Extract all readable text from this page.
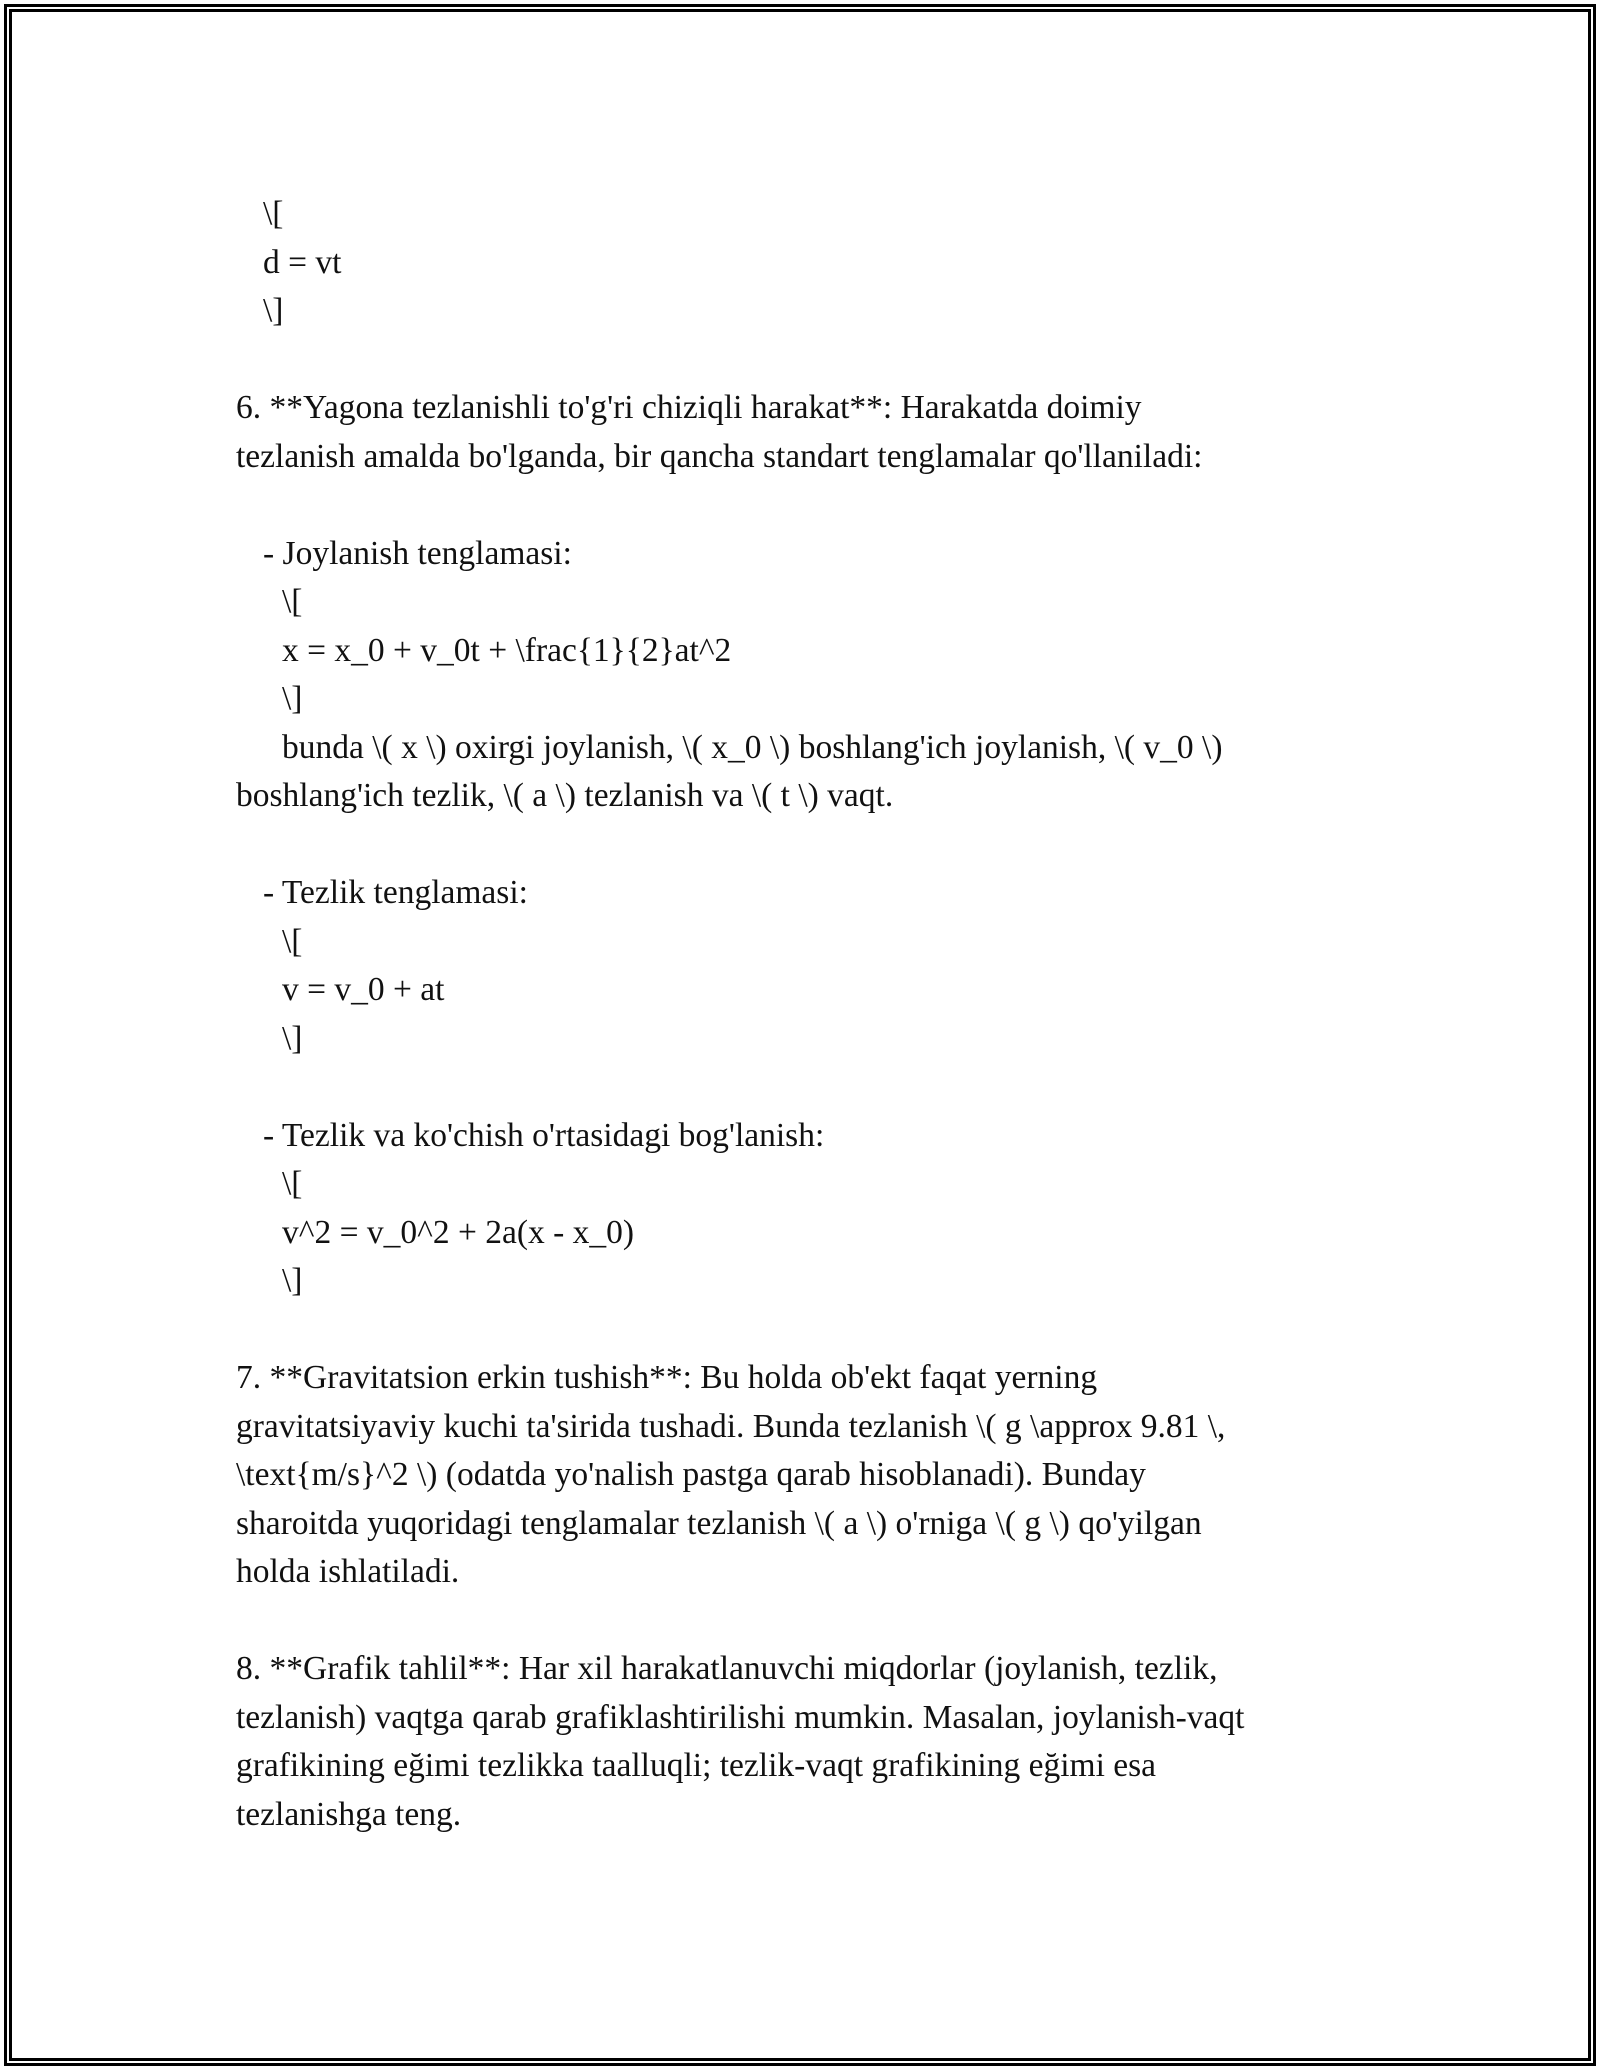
\[
d = vt
\]
6. **Yagona tezlanishli to'g'ri chiziqli harakat**: Harakatda doimiy
tezlanish amalda bo'lganda, bir qancha standart tenglamalar qo'llaniladi:
- Joylanish tenglamasi:
\[
x = x_0 + v_0t + \frac{1}{2}at^2
\]
bunda \( x \) oxirgi joylanish, \( x_0 \) boshlang'ich joylanish, \( v_0 \)
boshlang'ich tezlik, \( a \) tezlanish va \( t \) vaqt.
- Tezlik tenglamasi:
\[
v = v_0 + at
\]
- Tezlik va ko'chish o'rtasidagi bog'lanish:
\[
v^2 = v_0^2 + 2a(x - x_0)
\]
7. **Gravitatsion erkin tushish**: Bu holda ob'ekt faqat yerning
gravitatsiyaviy kuchi ta'sirida tushadi. Bunda tezlanish \( g \approx 9.81 \,
\text{m/s}^2 \) (odatda yo'nalish pastga qarab hisoblanadi). Bunday
sharoitda yuqoridagi tenglamalar tezlanish \( a \) o'rniga \( g \) qo'yilgan
holda ishlatiladi.
8. **Grafik tahlil**: Har xil harakatlanuvchi miqdorlar (joylanish, tezlik,
tezlanish) vaqtga qarab grafiklashtirilishi mumkin. Masalan, joylanish-vaqt
grafikining eğimi tezlikka taalluqli; tezlik-vaqt grafikining eğimi esa
tezlanishga teng.
